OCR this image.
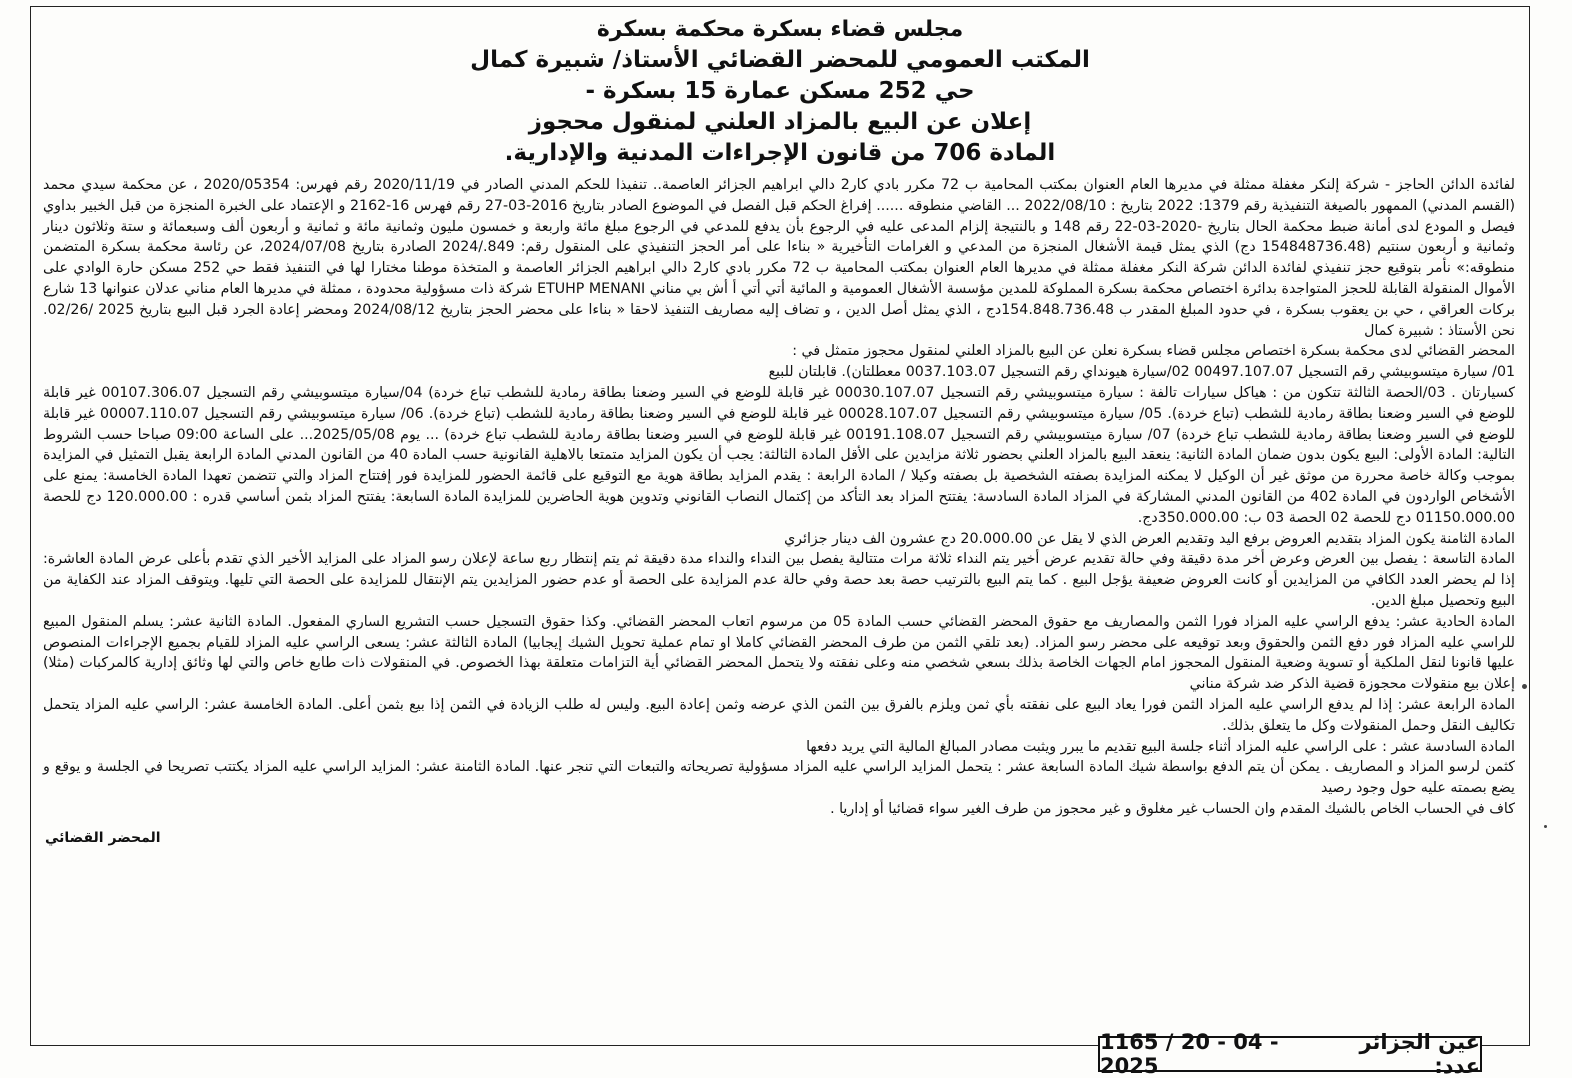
مجلس قضاء بسكرة محكمة بسكرة
المكتب العمومي للمحضر القضائي الأستاذ/ شبيرة كمال
حي 252 مسكن عمارة 15 بسكرة -
إعلان عن البيع بالمزاد العلني لمنقول محجوز
المادة 706 من قانون الإجراءات المدنية والإدارية.

لفائدة الدائن الحاجز - شركة إلنكر مغفلة ممثلة في مديرها العام العنوان بمكتب المحامية ب 72 مكرر بادي كار2 دالي ابراهيم الجزائر العاصمة.. تنفيذا للحكم المدني الصادر في 2020/11/19 رقم فهرس: 2020/05354 ، عن محكمة سيدي محمد (القسم المدني) الممهور بالصيغة التنفيذية رقم 1379: 2022 بتاريخ : 2022/08/10 ... القاضي منطوقه ...... إفراغ الحكم قبل الفصل في الموضوع الصادر بتاريخ 2016-03-27 رقم فهرس 16-2162 و الإعتماد على الخبرة المنجزة من قبل الخبير بداوي فيصل و المودع لدى أمانة ضبط محكمة الحال بتاريخ -2020-03-22 رقم 148 و بالنتيجة إلزام المدعى عليه في الرجوع بأن يدفع للمدعي في الرجوع مبلغ مائة واربعة و خمسون مليون وثمانية مائة و ثمانية و أربعون ألف وسبعمائة و ستة وثلاثون دينار وثمانية و أربعون سنتيم (154848736.48 دج) الذي يمثل قيمة الأشغال المنجزة من المدعي و الغرامات التأخيرية « بناءا على أمر الحجز التنفيذي على المنقول رقم: 849./2024 الصادرة بتاريخ 2024/07/08، عن رئاسة محكمة بسكرة المتضمن منطوقه:» نأمر بتوقيع حجز تنفيذي لفائدة الدائن شركة النكر مغفلة ممثلة في مديرها العام العنوان بمكتب المحامية ب 72 مكرر بادي كار2 دالي ابراهيم الجزائر العاصمة و المتخذة موطنا مختارا لها في التنفيذ فقط حي 252 مسكن حارة الوادي على الأموال المنقولة القابلة للحجز المتواجدة بدائرة اختصاص محكمة بسكرة المملوكة للمدين مؤسسة الأشغال العمومية و المائية أتي أتي أ أش بي مناني ETUHP MENANI شركة ذات مسؤولية محدودة ، ممثلة في مديرها العام مناني عدلان عنوانها 13 شارع بركات العراقي ، حي بن يعقوب بسكرة ، في حدود المبلغ المقدر ب 154.848.736.48دج ، الذي يمثل أصل الدين ، و تضاف إليه مصاريف التنفيذ لاحقا « بناءا على محضر الحجز بتاريخ 2024/08/12 ومحضر إعادة الجرد قبل البيع بتاريخ 2025 /02/26. نحن الأستاذ : شبيرة كمال

المحضر القضائي لدى محكمة بسكرة اختصاص مجلس قضاء بسكرة نعلن عن البيع بالمزاد العلني لمنقول محجوز متمثل في :

01/ سيارة ميتسوبيشي رقم التسجيل 00497.107.07 02/سيارة هيونداي رقم التسجيل 0037.103.07 معطلتان). قابلتان للبيع

كسيارتان . 03/الحصة الثالثة تتكون من : هياكل سيارات تالفة : سيارة ميتسوبيشي رقم التسجيل 00030.107.07 غير قابلة للوضع في السير وضعنا بطاقة رمادية للشطب تباع خردة) 04/سيارة ميتسوبيشي رقم التسجيل 00107.306.07 غير قابلة للوضع في السير وضعنا بطاقة رمادية للشطب (تباع خردة). 05/ سيارة ميتسوبيشي رقم التسجيل 00028.107.07 غير قابلة للوضع في السير وضعنا بطاقة رمادية للشطب (تباع خردة). 06/ سيارة ميتسوبيشي رقم التسجيل 00007.110.07 غير قابلة للوضع في السير وضعنا بطاقة رمادية للشطب تباع خردة) 07/ سيارة ميتسوبيشي رقم التسجيل 00191.108.07 غير قابلة للوضع في السير وضعنا بطاقة رمادية للشطب تباع خردة) ... يوم 2025/05/08... على الساعة 09:00 صباحا حسب الشروط التالية: المادة الأولى: البيع يكون بدون ضمان المادة الثانية: ينعقد البيع بالمزاد العلني بحضور ثلاثة مزايدين على الأقل المادة الثالثة: يجب أن يكون المزايد متمتعا بالاهلية القانونية حسب المادة 40 من القانون المدني المادة الرابعة يقبل التمثيل في المزايدة بموجب وكالة خاصة محررة من موثق غير أن الوكيل لا يمكنه المزايدة بصفته الشخصية بل بصفته وكيلا / المادة الرابعة : يقدم المزايد بطاقة هوية مع التوقيع على قائمة الحضور للمزايدة فور إفتتاح المزاد والتي تتضمن تعهدا المادة الخامسة: يمنع على الأشخاص الواردون في المادة 402 من القانون المدني المشاركة في المزاد المادة السادسة: يفتتح المزاد بعد التأكد من إكتمال النصاب القانوني وتدوين هوية الحاضرين للمزايدة المادة السابعة: يفتتح المزاد بثمن أساسي قدره : 120.000.00 دج للحصة 01150.000.00 دج للحصة 02 الحصة 03 ب: 350.000.00دج.

المادة الثامنة يكون المزاد بتقديم العروض برفع اليد وتقديم العرض الذي لا يقل عن 20.000.00 دج عشرون الف دينار جزائري

المادة التاسعة : يفصل بين العرض وعرض أخر مدة دقيقة وفي حالة تقديم عرض أخير يتم النداء ثلاثة مرات متتالية يفصل بين النداء والنداء مدة دقيقة ثم يتم إنتظار ربع ساعة لإعلان رسو المزاد على المزايد الأخير الذي تقدم بأعلى عرض المادة العاشرة: إذا لم يحضر العدد الكافي من المزايدين أو كانت العروض ضعيفة يؤجل البيع . كما يتم البيع بالترتيب حصة بعد حصة وفي حالة عدم المزايدة على الحصة أو عدم حضور المزايدين يتم الإنتقال للمزايدة على الحصة التي تليها. ويتوقف المزاد عند الكفاية من البيع وتحصيل مبلغ الدين.

المادة الحادية عشر: يدفع الراسي عليه المزاد فورا الثمن والمصاريف مع حقوق المحضر القضائي حسب المادة 05 من مرسوم اتعاب المحضر القضائي. وكذا حقوق التسجيل حسب التشريع الساري المفعول. المادة الثانية عشر: يسلم المنقول المبيع للراسي عليه المزاد فور دفع الثمن والحقوق وبعد توقيعه على محضر رسو المزاد. (بعد تلقي الثمن من طرف المحضر القضائي كاملا او تمام عملية تحويل الشيك إيجابيا) المادة الثالثة عشر: يسعى الراسي عليه المزاد للقيام بجميع الإجراءات المنصوص عليها قانونا لنقل الملكية أو تسوية وضعية المنقول المحجوز امام الجهات الخاصة بذلك بسعي شخصي منه وعلى نفقته ولا يتحمل المحضر القضائي أية التزامات متعلقة بهذا الخصوص. في المنقولات ذات طابع خاص والتي لها وثائق إدارية كالمركبات (مثلا) إعلان بيع منقولات محجوزة قضية الذكر ضد شركة مناني

المادة الرابعة عشر: إذا لم يدفع الراسي عليه المزاد الثمن فورا يعاد البيع على نفقته بأي ثمن ويلزم بالفرق بين الثمن الذي عرضه وثمن إعادة البيع. وليس له طلب الزيادة في الثمن إذا بيع بثمن أعلى. المادة الخامسة عشر: الراسي عليه المزاد يتحمل تكاليف النقل وحمل المنقولات وكل ما يتعلق بذلك.

المادة السادسة عشر : على الراسي عليه المزاد أثناء جلسة البيع تقديم ما يبرر ويثبت مصادر المبالغ المالية التي يريد دفعها

كثمن لرسو المزاد و المصاريف . يمكن أن يتم الدفع بواسطة شيك المادة السابعة عشر : يتحمل المزايد الراسي عليه المزاد مسؤولية تصريحاته والتبعات التي تنجر عنها. المادة الثامنة عشر: المزايد الراسي عليه المزاد يكتتب تصريحا في الجلسة و يوقع و يضع بصمته عليه حول وجود رصيد

كاف في الحساب الخاص بالشيك المقدم وان الحساب غير مغلوق و غير محجوز من طرف الغير سواء قضائيا أو إداريا .

المحضر القضائي
عين الجزائر عدد:
1165 / 20 - 04 - 2025
